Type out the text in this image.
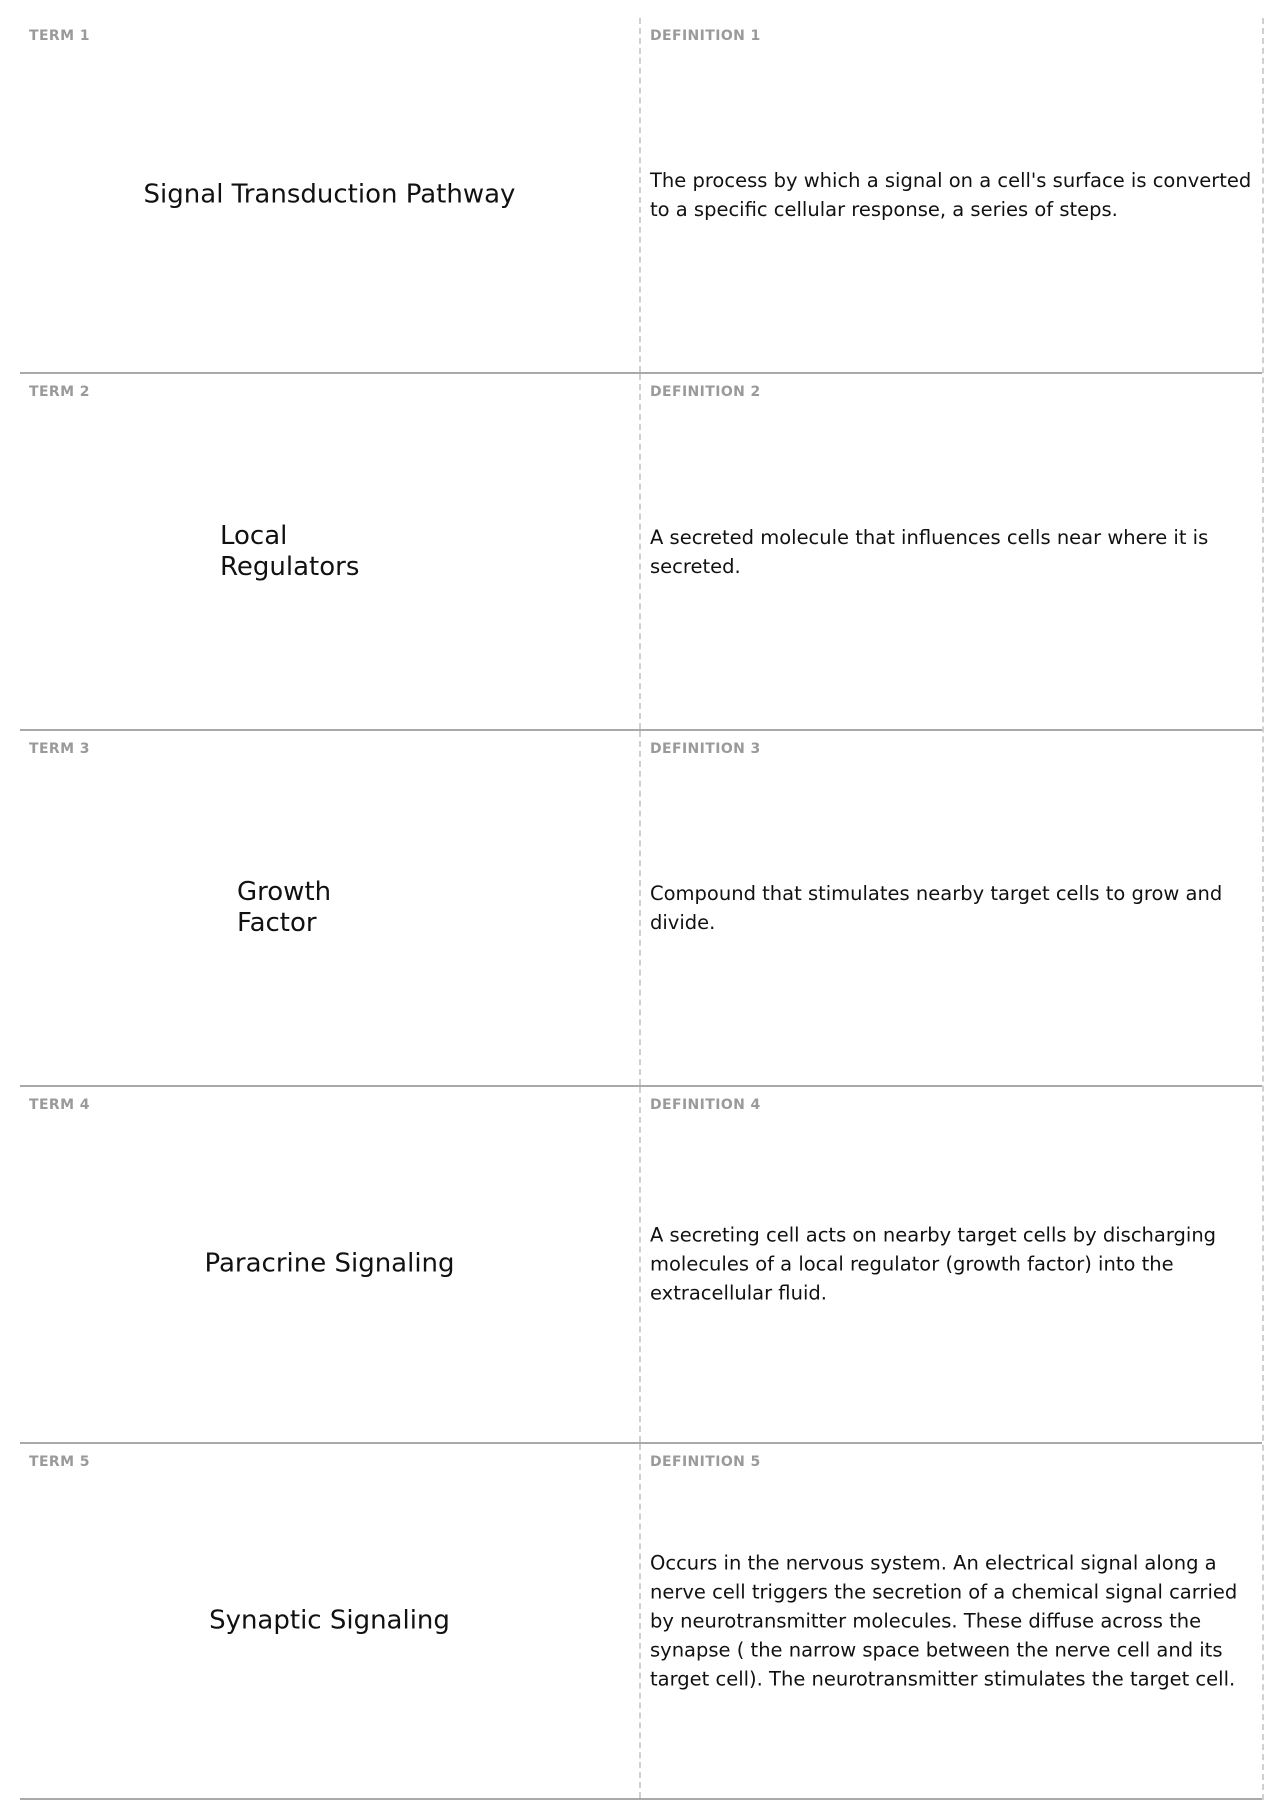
TERM 1
Signal Transduction Pathway
DEFINITION 1
The process by which a signal on a cell's surface is converted to a specific cellular response, a series of steps.
TERM 2
Local
Regulators
DEFINITION 2
A secreted molecule that influences cells near where it is secreted.
TERM 3
Growth
Factor
DEFINITION 3
Compound that stimulates nearby target cells to grow and divide.
TERM 4
Paracrine Signaling
DEFINITION 4
A secreting cell acts on nearby target cells by discharging molecules of a local regulator (growth factor) into the extracellular fluid.
TERM 5
Synaptic Signaling
DEFINITION 5
Occurs in the nervous system. An electrical signal along a nerve cell triggers the secretion of a chemical signal carried by neurotransmitter molecules. These diffuse across the synapse ( the narrow space between the nerve cell and its target cell). The neurotransmitter stimulates the target cell.
